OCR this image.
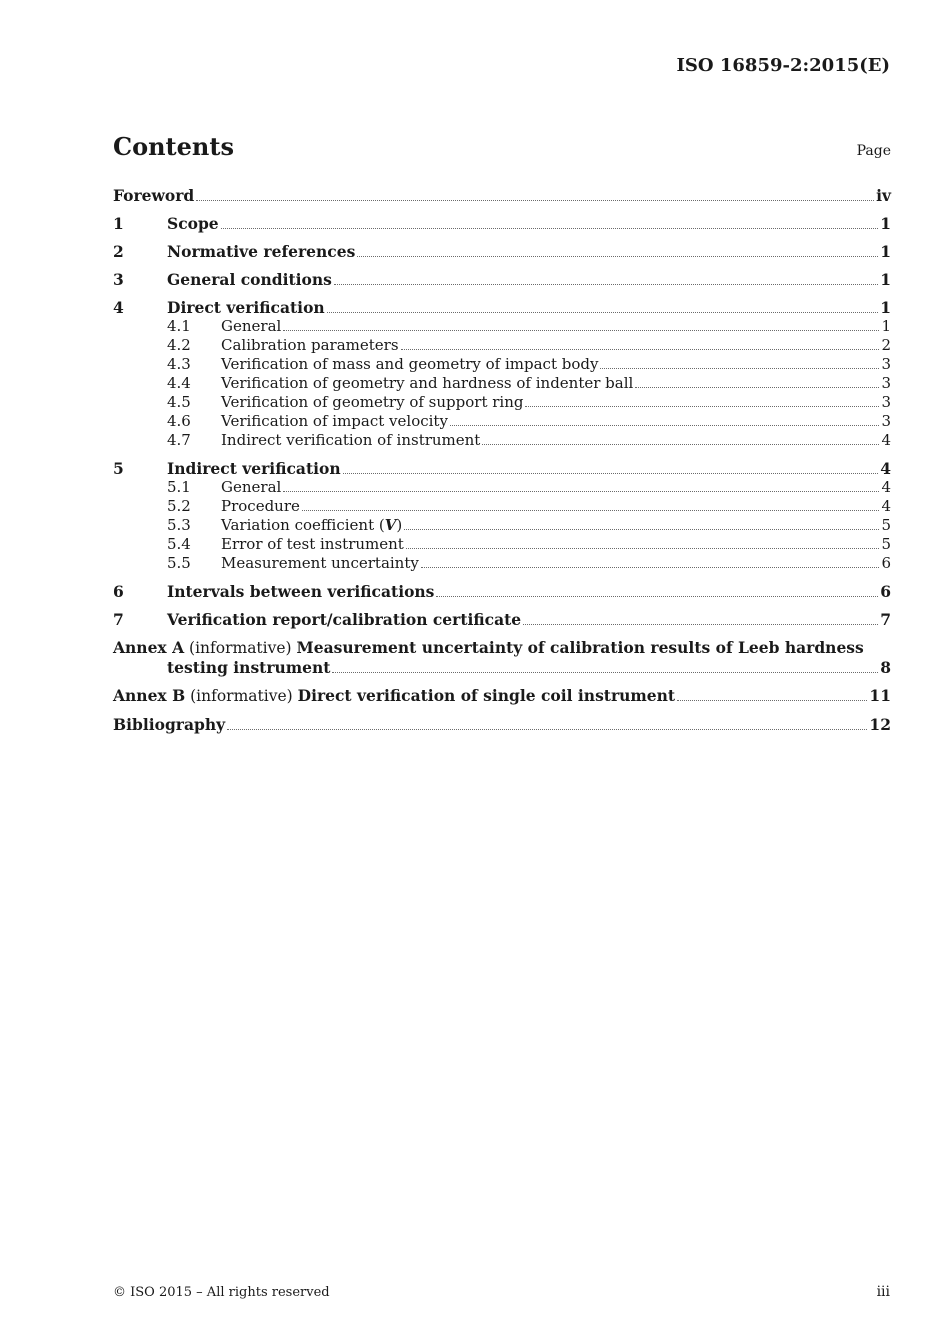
ISO 16859-2:2015(E)
Contents	Page
Foreword	iv
1	Scope	1
2	Normative references	1
3	General conditions	1
4	Direct verification	1
4.1	General	1
4.2	Calibration parameters	2
4.3	Verification of mass and geometry of impact body	3
4.4	Verification of geometry and hardness of indenter ball	3
4.5	Verification of geometry of support ring	3
4.6	Verification of impact velocity	3
4.7	Indirect verification of instrument	4
5	Indirect verification	4
5.1	General	4
5.2	Procedure	4
5.3	Variation coefficient (V)	5
5.4	Error of test instrument	5
5.5	Measurement uncertainty	6
6	Intervals between verifications	6
7	Verification report/calibration certificate	7
Annex A (informative) Measurement uncertainty of calibration results of Leeb hardness
testing instrument	8
Annex B (informative) Direct verification of single coil instrument	11
Bibliography	12
© ISO 2015 – All rights reserved	iii
